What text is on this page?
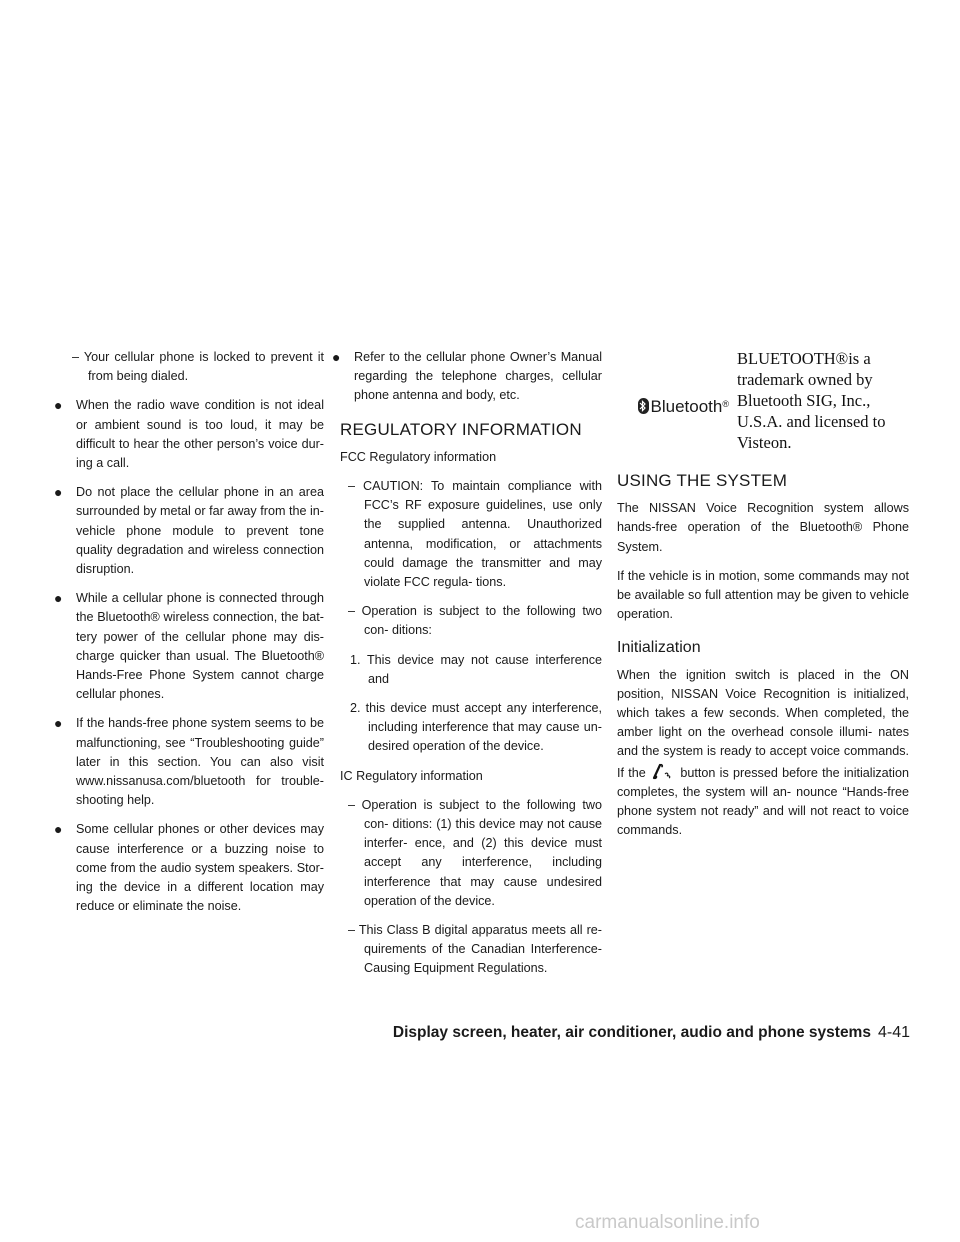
– Your cellular phone is locked to prevent it from being dialed.
● When the radio wave condition is not ideal or ambient sound is too loud, it may be difficult to hear the other person’s voice dur- ing a call.
● Do not place the cellular phone in an area surrounded by metal or far away from the in-vehicle phone module to prevent tone quality degradation and wireless connection disruption.
● While a cellular phone is connected through the Bluetooth® wireless connection, the bat- tery power of the cellular phone may dis- charge quicker than usual. The Bluetooth® Hands-Free Phone System cannot charge cellular phones.
● If the hands-free phone system seems to be malfunctioning, see “Troubleshooting guide” later in this section. You can also visit www.nissanusa.com/bluetooth for trouble- shooting help.
● Some cellular phones or other devices may cause interference or a buzzing noise to come from the audio system speakers. Stor- ing the device in a different location may reduce or eliminate the noise.
● Refer to the cellular phone Owner’s Manual regarding the telephone charges, cellular phone antenna and body, etc.
REGULATORY INFORMATION

FCC Regulatory information

– CAUTION: To maintain compliance with FCC’s RF exposure guidelines, use only the supplied antenna. Unauthorized antenna, modification, or attachments could damage the transmitter and may violate FCC regula- tions.
– Operation is subject to the following two con- ditions:
1. This device may not cause interference and
2. this device must accept any interference, including interference that may cause un- desired operation of the device.

IC Regulatory information

– Operation is subject to the following two con- ditions: (1) this device may not cause interfer- ence, and (2) this device must accept any interference, including interference that may cause undesired operation of the device.
– This Class B digital apparatus meets all re- quirements of the Canadian Interference- Causing Equipment Regulations.
Bluetooth ®
BLUETOOTH®is a trademark owned by Bluetooth SIG, Inc., U.S.A. and licensed to Visteon.
USING THE SYSTEM

The NISSAN Voice Recognition system allows hands-free operation of the Bluetooth® Phone System.

If the vehicle is in motion, some commands may not be available so full attention may be given to vehicle operation.

Initialization

When the ignition switch is placed in the ON position, NISSAN Voice Recognition is initialized, which takes a few seconds. When completed, the amber light on the overhead console illumi- nates and the system is ready to accept voice commands. If the	button is pressed before the initialization completes, the system will an- nounce “Hands-free phone system not ready” and will not react to voice commands.

Display screen, heater, air conditioner, audio and phone systems 4-41
carmanualsonline.info
